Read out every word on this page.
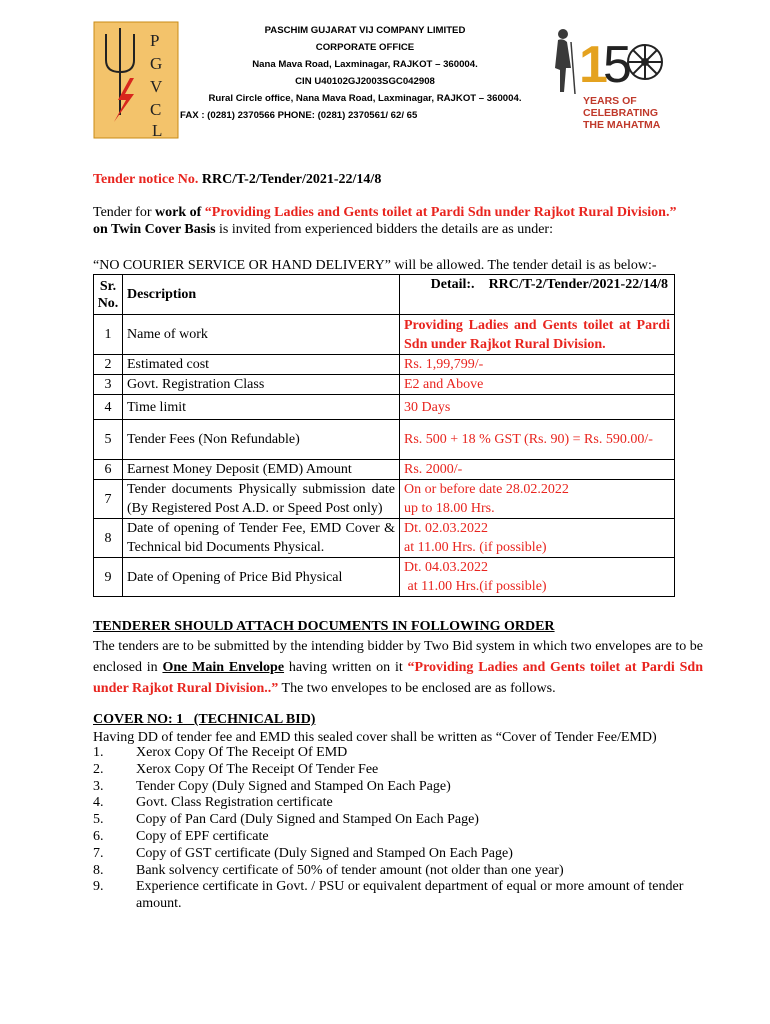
P
G
V
C
L
PASCHIM GUJARAT VIJ COMPANY LIMITED
CORPORATE OFFICE
Nana Mava Road, Laxminagar, RAJKOT – 360004.
CIN U40102GJ2003SGC042908
Rural Circle office, Nana Mava Road, Laxminagar, RAJKOT – 360004.
FAX : (0281) 2370566 PHONE: (0281) 2370561/ 62/ 65
1
5
YEARS OF
CELEBRATING
THE MAHATMA
Tender notice No. RRC/T-2/Tender/2021-22/14/8
Tender for work of “Providing Ladies and Gents toilet at Pardi Sdn under Rajkot Rural Division.”
on Twin Cover Basis is invited from experienced bidders the details are as under:
“NO COURIER SERVICE OR HAND DELIVERY” will be allowed. The tender detail is as below:-
Sr. No.	Description	Detail:. RRC/T-2/Tender/2021-22/14/8
1	Name of work	Providing Ladies and Gents toilet at Pardi Sdn under Rajkot Rural Division.
2	Estimated cost	Rs. 1,99,799/-
3	Govt. Registration Class	E2 and Above
4	Time limit	30 Days
5	Tender Fees (Non Refundable)	Rs. 500 + 18 % GST (Rs. 90) = Rs. 590.00/-
6	Earnest Money Deposit (EMD) Amount	Rs. 2000/-
7	Tender documents Physically submission date (By Registered Post A.D. or Speed Post only)	On or before date 28.02.2022
up to 18.00 Hrs.

8	Date of opening of Tender Fee, EMD Cover & Technical bid Documents Physical.	Dt. 02.03.2022
at 11.00 Hrs. (if possible)

9	Date of Opening of Price Bid Physical	Dt. 04.03.2022
at 11.00 Hrs.(if possible)
TENDERER SHOULD ATTACH DOCUMENTS IN FOLLOWING ORDER
The tenders are to be submitted by the intending bidder by Two Bid system in which two envelopes are to be enclosed in One Main Envelope having written on it “Providing Ladies and Gents toilet at Pardi Sdn under Rajkot Rural Division..” The two envelopes to be enclosed are as follows.
COVER NO: 1   (TECHNICAL BID)
Having DD of tender fee and EMD this sealed cover shall be written as “Cover of Tender Fee/EMD)
1. Xerox Copy Of The Receipt Of EMD
2. Xerox Copy Of The Receipt Of Tender Fee
3. Tender Copy (Duly Signed and Stamped On Each Page)
4. Govt. Class Registration certificate
5. Copy of Pan Card (Duly Signed and Stamped On Each Page)
6. Copy of EPF certificate
7. Copy of GST certificate (Duly Signed and Stamped On Each Page)
8. Bank solvency certificate of 50% of tender amount (not older than one year)
9. Experience certificate in Govt. / PSU or equivalent department of equal or more amount of tender amount.
